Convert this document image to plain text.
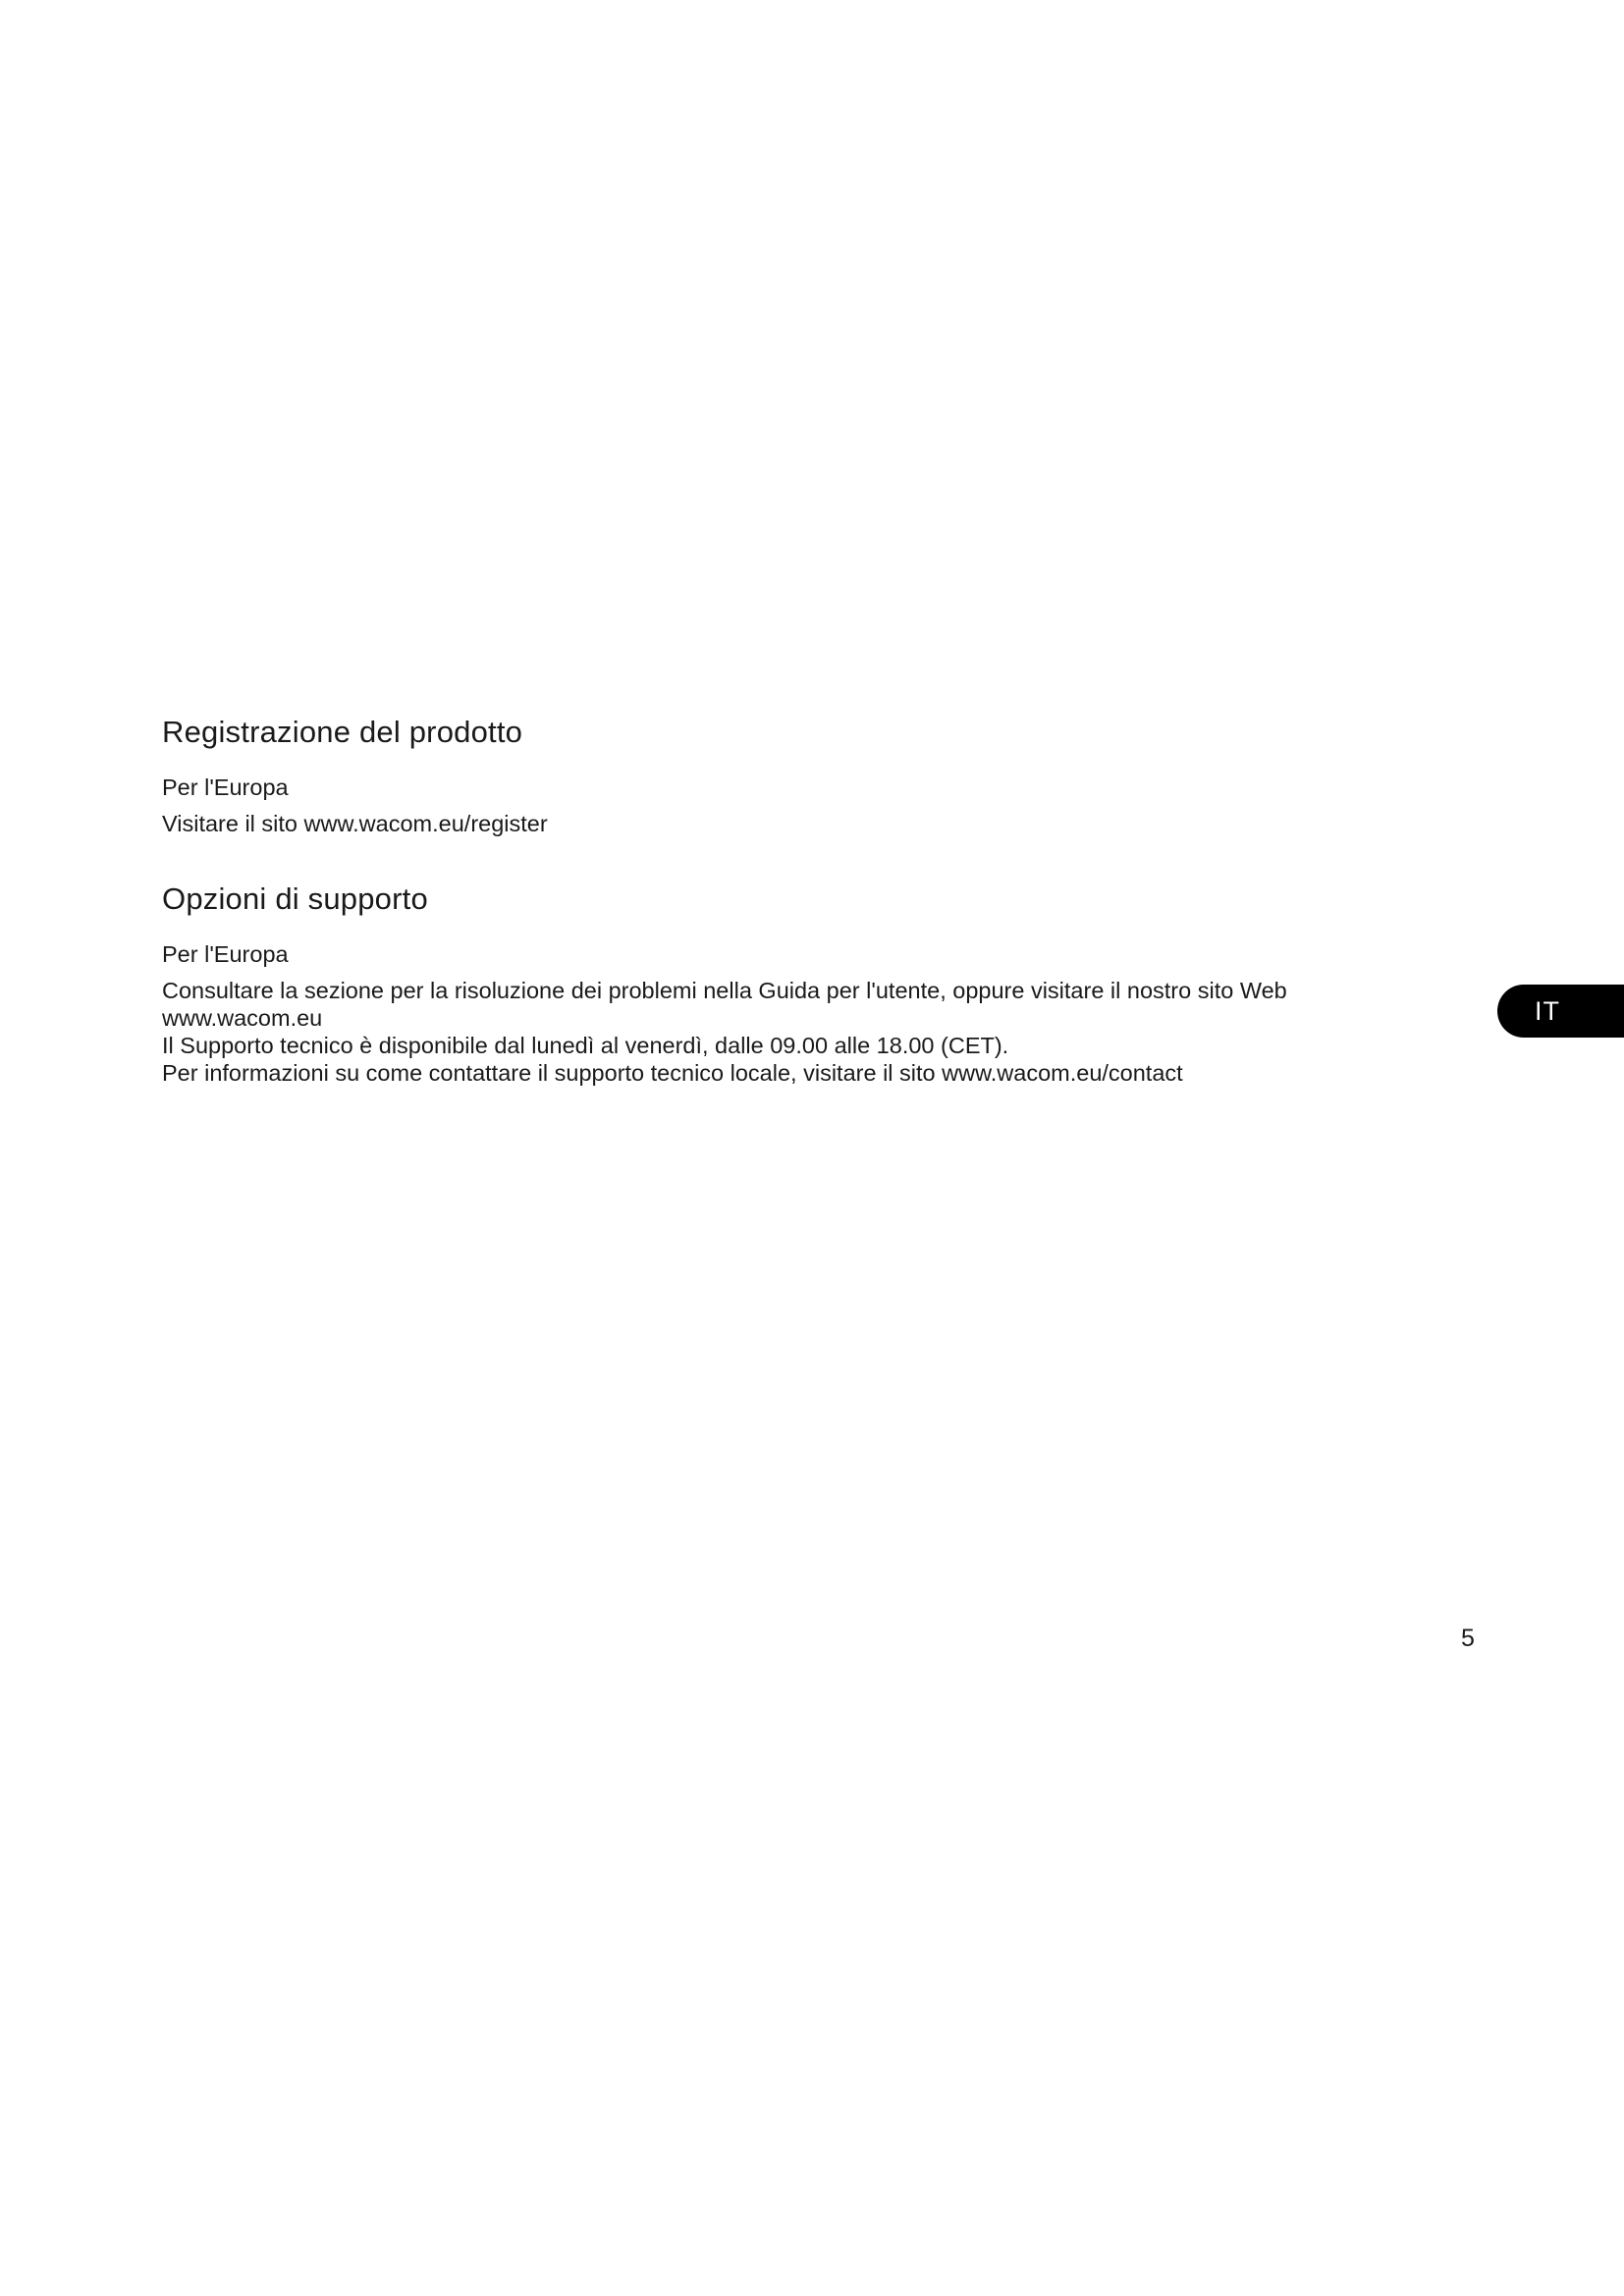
Registrazione del prodotto

Per l'Europa

Visitare il sito www.wacom.eu/register

Opzioni di supporto

Per l'Europa

Consultare la sezione per la risoluzione dei problemi nella Guida per l'utente, oppure visitare il nostro sito Web

www.wacom.eu

Il Supporto tecnico è disponibile dal lunedì al venerdì, dalle 09.00 alle 18.00 (CET).

Per informazioni su come contattare il supporto tecnico locale, visitare il sito www.wacom.eu/contact

IT
5
